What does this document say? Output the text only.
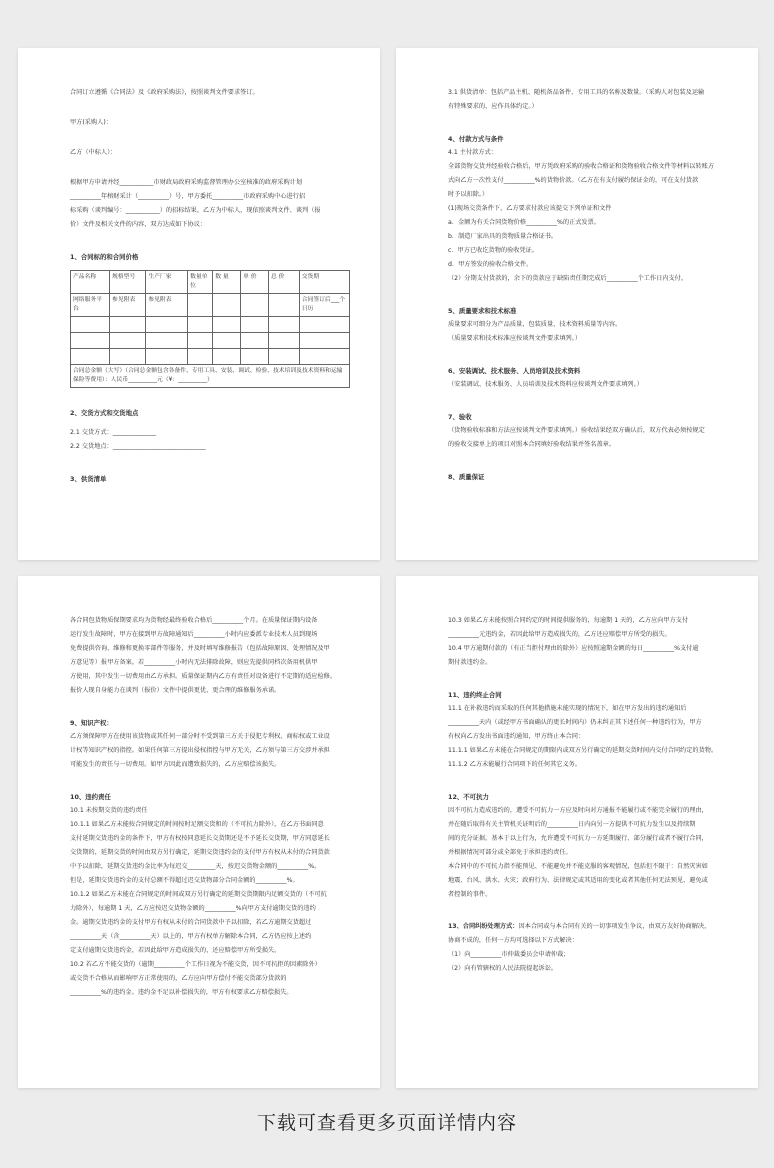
合同订立遵循《合同法》及《政府采购法》，按照谈判文件要求签订。

甲方(采购人)：

乙方（中标人）：

根据甲方申请并经___________市财政局政府采购监督管理办公室核准的政府采购计划

__________年榕财采计（__________）号，甲方委托__________市政府采购中心进行招

标采购（谈判编号：___________）的招标结果，乙方为中标人，现依照谈判文件、谈判（报

价）文件及相关文件的内容，双方达成如下协议：

1、合同标的和合同价格

产品名称	规格型号	生产厂家	数量单位	数 量	单 价	总 价	交货期
网络服务平台	参见附表	参见附表					合同签订后___个日历

合同总金额（大写）（合同总金额包含各备件、专用工具、安装、调试、检验、技术培训及技术资料和运输保险等费用）：人民币__________元（¥：__________）							

2、交货方式和交货地点

2.1 交货方式：______________

2.2 交货地点：______________________________

3、供货清单

3.1 供货清单：包括产品主机、随机备品备件、专用工具的名称及数量。（采购人对包装及运输

有特殊要求的，应作具体约定。）

4、付款方式与条件

4.1 主付款方式：

全部货物交货并经验收合格后，甲方凭政府采购的验收合格证和货物验收合格文件等材料以转账方

式向乙方一次性支付__________%的货物价款。（乙方在有支付履约保证金的，可在支付货款

时予以扣除。）

(1)现场交货条件下，乙方要求付款应该提交下列单证和文件

a．金额为有关合同货物价格__________%的正式发票。

b．制造厂家出具的货物质量合格证书。

c．甲方已收讫货物的验收凭证。

d．甲方签发的验收合格文件。

（2）分期支付货款的，余下的货款应于缺陷责任期完成后__________个工作日内支付。

5、质量要求和技术标准

质量要求可细分为产品质量、包装质量、技术资料质量等内容。

（质量要求和技术标准应按谈判文件要求填列。）

6、安装调试、技术服务、人员培训及技术资料

（安装调试、技术服务、人员培训及技术资料应按谈判文件要求填列。）

7、验收

（货物验收标准和方法应按谈判文件要求填列。）验收结果经双方确认后，双方代表必须按规定

的验收交接单上的项目对照本合同填好验收结果并签名盖章。

8、质量保证

各合同包货物质保期要求均为货物经最终验收合格后__________个月。在质量保证期内设备

运行发生故障时，甲方在接到甲方故障通知后__________小时内应委派专业技术人员到现场

免费提供咨询、维修和更换零部件等服务，并及时填写维修报告（包括故障原因、处理情况及甲

方意见等）报甲方备案。若__________小时内无法排除故障，则应先提供同档次备用机供甲

方使用，其中发生一切费用由乙方承担。质量保证期内乙方有责任对设备进行不定期的适应检修。

报价人现自身能力在谈判（报价）文件中提供更优、更合理的维修服务承诺。

9、知识产权：

乙方须保障甲方在使用该货物或其任何一部分时不受到第三方关于侵犯专利权、商标权或工业设

计权等知识产权的指控。如果任何第三方提出侵权指控与甲方无关，乙方须与第三方交涉并承担

可能发生的责任与一切费用。如甲方因此而遭致损失的，乙方应赔偿该损失。

10、违约责任

10.1 未按期交货的违约责任

10.1.1 如果乙方未能按合同规定的时间按时足额交货和的（不可抗力除外），在乙方书面同意

支付延期交货违约金的条件下，甲方有权按同意延长交货期还是不予延长交货期，甲方同意延长

交货期的，延期交货的时间由双方另行确定，延期交货违约金的支付甲方有权从未付的合同货款

中予以扣除，延期交货违约金比率为每迟交_________天，按迟交货物金额的__________%。

但是，延期交货违约金的支付总额不得超过迟交货物部分合同金额的__________%。

10.1.2 如果乙方未能在合同规定的时间或双方另行确定的延期交货期限内足额交货的（不可抗

力除外），每逾期 1 天，乙方应按迟交货物金额的__________%向甲方支付逾期交货的违约

金。逾期交货违约金的支付甲方有权从未付的合同货款中予以扣除，若乙方逾期交货超过

__________天（含__________天）以上的，甲方有权单方解除本合同，乙方仍应按上述约

定支付逾期交货违约金，若因此给甲方造成损失的，还应赔偿甲方所受损失。

10.2 若乙方不能交货的（逾期__________个工作日视为不能交货，因不可抗拒的因素除外）

或交货不合格从而影响甲方正常使用的，乙方应向甲方偿付不能交货部分货款的

__________%的违约金。违约金不足以补偿损失的，甲方有权要求乙方赔偿损失。

10.3 如果乙方未能按照合同约定的时间提供服务的，每逾期 1 天的，乙方应向甲方支付

__________元违约金，若因此给甲方造成损失的，乙方还应赔偿甲方所受的损失。

10.4 甲方逾期付款的（有正当拒付理由的除外）应按照逾期金额的每日__________%支付逾

期付款违约金。

11、违约终止合同

11.1 在补救违约而采取的任何其他措施未能实现的情况下，如在甲方发出的违约通知后

__________天内（或经甲方书面确认的更长时间内）仍未纠正其下述任何一种违约行为，甲方

有权向乙方发出书面违约通知，甲方终止本合同：

11.1.1 如果乙方未能在合同规定的期限内或双方另行确定的延期交货时间内交付合同约定的货物。

11.1.2 乙方未能履行合同项下的任何其它义务。

12、不可抗力

因不可抗力造成违约的，遭受不可抗力一方应及时向对方通报不能履行或不能完全履行的理由，

并在随后取得有关主管机关证明后的__________日内向另一方提供不可抗力发生以及持续期

间的充分证据。基本于以上行为，允许遭受不可抗力一方延期履行、部分履行或者不履行合同，

并根据情况可部分或全部免于承担违约责任。

本合同中的不可抗力指不能预见、不能避免并不能克服的客观情况，包括但不限于：自然灾害如

地震、台风、洪水、火灾；政府行为、法律规定或其适用的变化或者其他任何无法预见、避免或

者控制的事件。

13、合同纠纷处理方式：因本合同或与本合同有关的一切事项发生争议，由双方友好协商解决，

协商不成的，任何一方均可选择以下方式解决：

（1）向__________市仲裁委员会申请仲裁；

（2）向有管辖权的人民法院提起诉讼。

下载可查看更多页面详情内容
